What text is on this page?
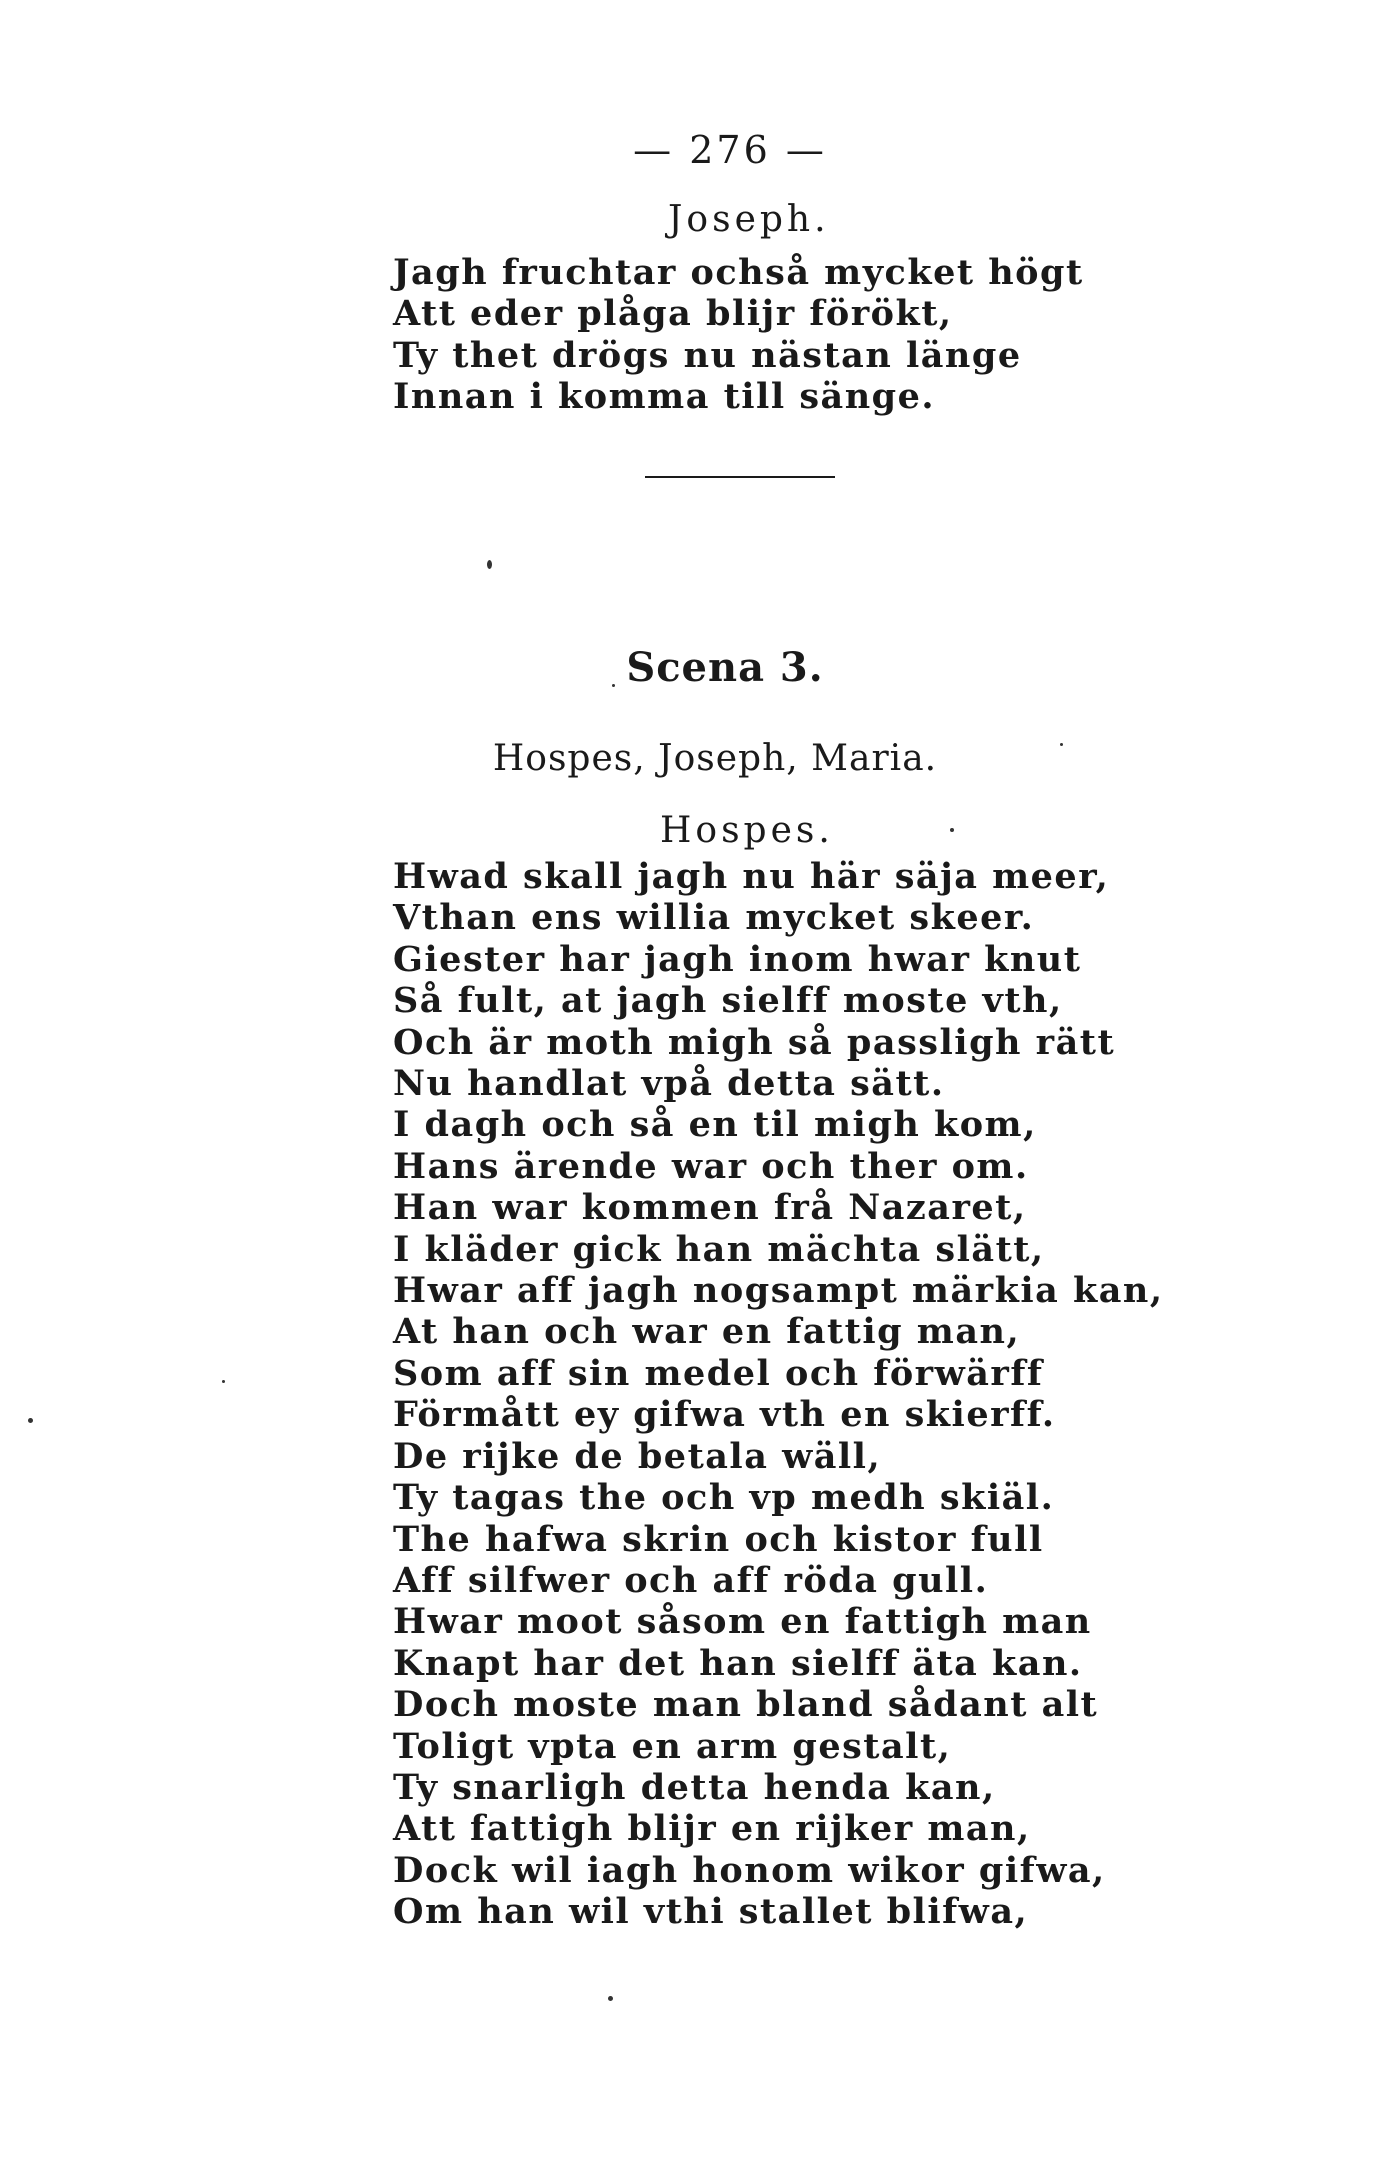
— 276 —
Joseph.
Jagh fruchtar ochså mycket högt
Att eder plåga blijr förökt,
Ty thet drögs nu nästan länge
Innan i komma till sänge.
Scena 3.
Hospes, Joseph, Maria.
Hospes.
Hwad skall jagh nu här säja meer,
Vthan ens willia mycket skeer.
Giester har jagh inom hwar knut
Så fult, at jagh sielff moste vth,
Och är moth migh så passligh rätt
Nu handlat vpå detta sätt.
I dagh och så en til migh kom,
Hans ärende war och ther om.
Han war kommen frå Nazaret,
I kläder gick han mächta slätt,
Hwar aff jagh nogsampt märkia kan,
At han och war en fattig man,
Som aff sin medel och förwärff
Förmått ey gifwa vth en skierff.
De rijke de betala wäll,
Ty tagas the och vp medh skiäl.
The hafwa skrin och kistor full
Aff silfwer och aff röda gull.
Hwar moot såsom en fattigh man
Knapt har det han sielff äta kan.
Doch moste man bland sådant alt
Toligt vpta en arm gestalt,
Ty snarligh detta henda kan,
Att fattigh blijr en rijker man,
Dock wil iagh honom wikor gifwa,
Om han wil vthi stallet blifwa,
